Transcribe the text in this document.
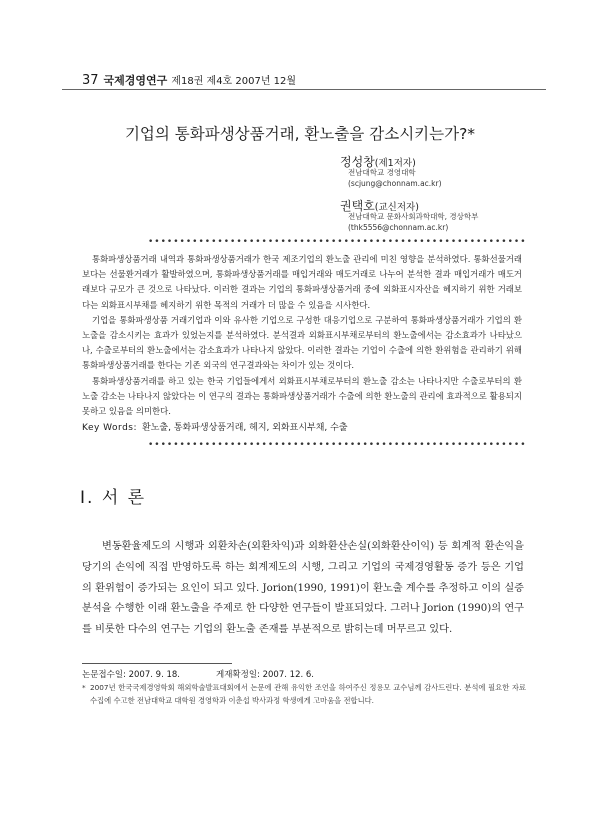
37 국제경영연구 제18권 제4호 2007년 12월
기업의 통화파생상품거래, 환노출을 감소시키는가?*
정성창(제1저자)
전남대학교 경영대학
(scjung@chonnam.ac.kr)
권택호(교신저자)
전남대학교 문화사회과학대학, 경상학부
(thk5556@chonnam.ac.kr)
••••••••••••••••••••••••••••••••••••••••••••••••••••••••••••

통화파생상품거래 내역과 통화파생상품거래가 한국 제조기업의 환노출 관리에 미친 영향을 분석하였다. 통화선물거래보다는 선물환거래가 활발하였으며, 통화파생상품거래를 매입거래와 매도거래로 나누어 분석한 결과 매입거래가 매도거래보다 규모가 큰 것으로 나타났다. 이러한 결과는 기업의 통화파생상품거래 중에 외화표시자산을 헤지하기 위한 거래보다는 외화표시부채를 헤지하기 위한 목적의 거래가 더 많을 수 있음을 시사한다.

기업을 통화파생상품 거래기업과 이와 유사한 기업으로 구성한 대응기업으로 구분하여 통화파생상품거래가 기업의 환노출을 감소시키는 효과가 있었는지를 분석하였다. 분석결과 외화표시부채로부터의 환노출에서는 감소효과가 나타났으나, 수출로부터의 환노출에서는 감소효과가 나타나지 않았다. 이러한 결과는 기업이 수출에 의한 환위험을 관리하기 위해 통화파생상품거래를 한다는 기존 외국의 연구결과와는 차이가 있는 것이다.

통화파생상품거래를 하고 있는 한국 기업들에게서 외화표시부채로부터의 환노출 감소는 나타나지만 수출로부터의 환노출 감소는 나타나지 않았다는 이 연구의 결과는 통화파생상품거래가 수출에 의한 환노출의 관리에 효과적으로 활용되지 못하고 있음을 의미한다.

Key Words: 환노출, 통화파생상품거래, 헤지, 외화표시부채, 수출
••••••••••••••••••••••••••••••••••••••••••••••••••••••••••••
Ⅰ. 서 론

변동환율제도의 시행과 외환차손(외환차익)과 외화환산손실(외화환산이익) 등 회계적 환손익을 당기의 손익에 직접 반영하도록 하는 회계제도의 시행, 그리고 기업의 국제경영활동 증가 등은 기업의 환위험이 증가되는 요인이 되고 있다. Jorion(1990, 1991)이 환노출 계수를 추정하고 이의 실증분석을 수행한 이래 환노출을 주제로 한 다양한 연구들이 발표되었다. 그러나 Jorion (1990)의 연구를 비롯한 다수의 연구는 기업의 환노출 존재를 부분적으로 밝히는데 머무르고 있다.

논문접수일: 2007. 9. 18.	게재확정일: 2007. 12. 6.
* 2007년 한국국제경영학회 해외학술발표대회에서 논문에 관해 유익한 조언을 하여주신 정용모 교수님께 감사드린다. 분석에 필요한 자료 수집에 수고한 전남대학교 대학원 경영학과 이춘섭 박사과정 학생에게 고마움을 전합니다.
